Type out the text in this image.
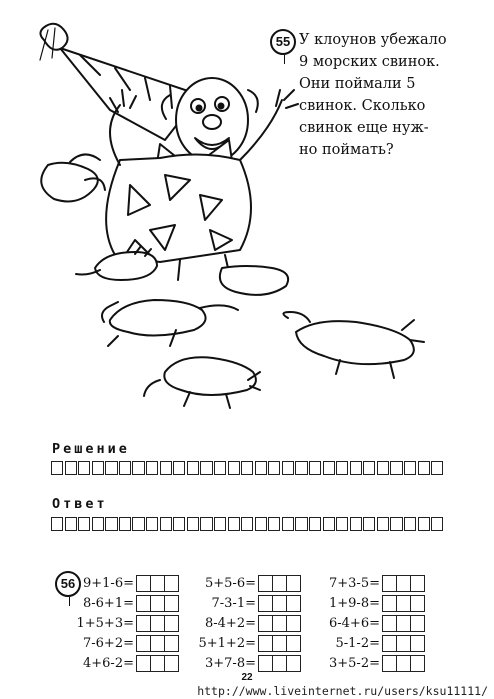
55 У клоунов убежало
9 морских свинок.
Они поймали 5
свинок. Сколько
свинок еще нуж-
но поймать?

Решение
Ответ
56 9+1-6=
8-6+1=
1+5+3=
7-6+2=
4+6-2=
5+5-6=
7-3-1=
8-4+2=
5+1+2=
3+7-8=
7+3-5=
1+9-8=
6-4+6=
5-1-2=
3+5-2=
22
http://www.liveinternet.ru/users/ksu11111/
